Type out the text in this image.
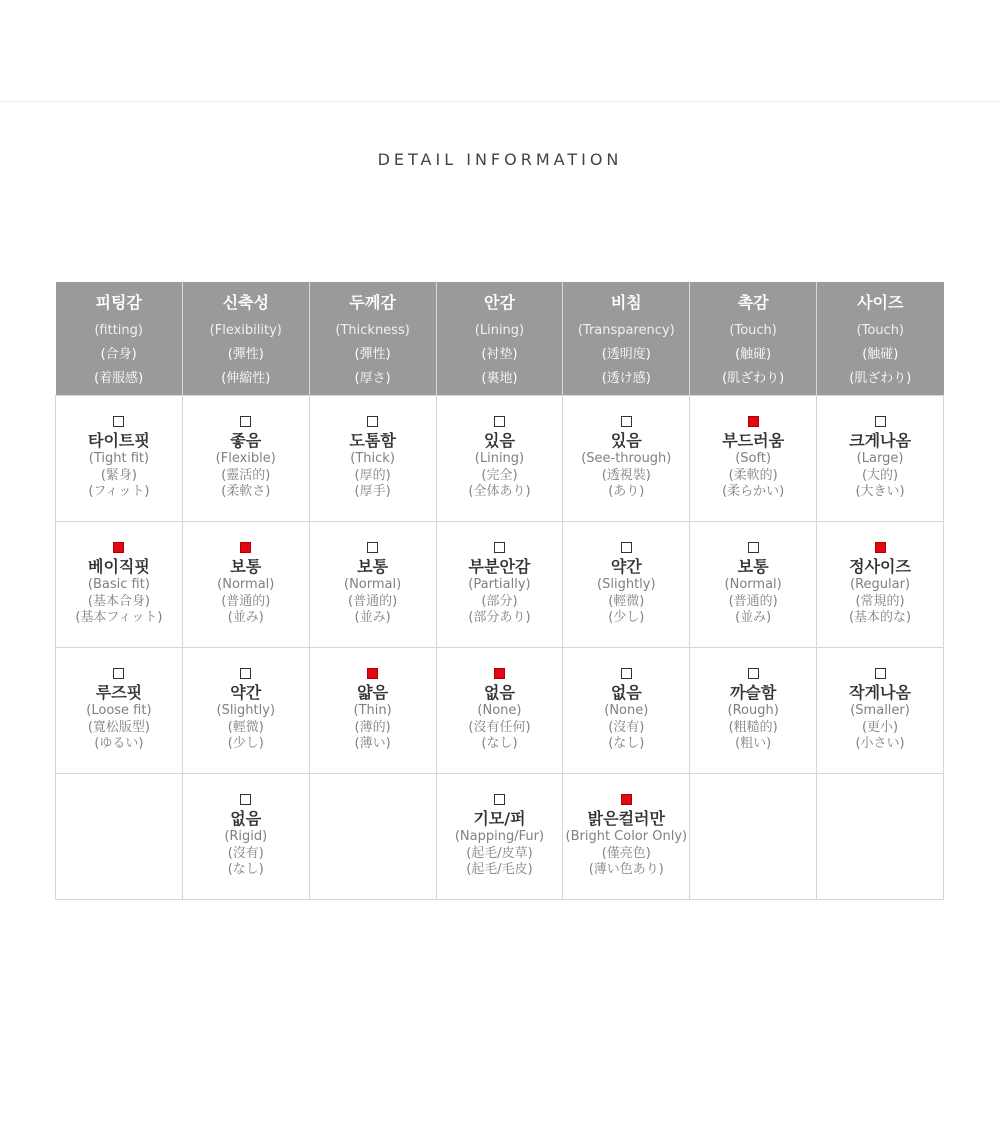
DETAIL INFORMATION
피팅감
(fitting)
(合身)
(着服感)	신축성
(Flexibility)
(彈性)
(伸縮性)	두께감
(Thickness)
(彈性)
(厚さ)	안감
(Lining)
(衬垫)
(裏地)	비침
(Transparency)
(透明度)
(透け感)	촉감
(Touch)
(触碰)
(肌ざわり)	사이즈
(Touch)
(触碰)
(肌ざわり)

타이트핏
(Tight fit)
(緊身)
(フィット)	좋음
(Flexible)
(靈活的)
(柔軟さ)	도톰함
(Thick)
(厚的)
(厚手)	있음
(Lining)
(完全)
(全体あり)	있음
(See-through)
(透視裝)
(あり)	부드러움
(Soft)
(柔軟的)
(柔らかい)	크게나옴
(Large)
(大的)
(大きい)

베이직핏
(Basic fit)
(基本合身)
(基本フィット)	보통
(Normal)
(普通的)
(並み)	보통
(Normal)
(普通的)
(並み)	부분안감
(Partially)
(部分)
(部分あり)	약간
(Slightly)
(輕微)
(少し)	보통
(Normal)
(普通的)
(並み)	정사이즈
(Regular)
(常規的)
(基本的な)

루즈핏
(Loose fit)
(寬松版型)
(ゆるい)	약간
(Slightly)
(輕微)
(少し)	얇음
(Thin)
(薄的)
(薄い)	없음
(None)
(沒有任何)
(なし)	없음
(None)
(沒有)
(なし)	까슬함
(Rough)
(粗糙的)
(粗い)	작게나옴
(Smaller)
(更小)
(小さい)

	없음
(Rigid)
(沒有)
(なし)		기모/퍼
(Napping/Fur)
(起毛/皮草)
(起毛/毛皮)	밝은컬러만
(Bright Color Only)
(僅亮色)
(薄い色あり)		
